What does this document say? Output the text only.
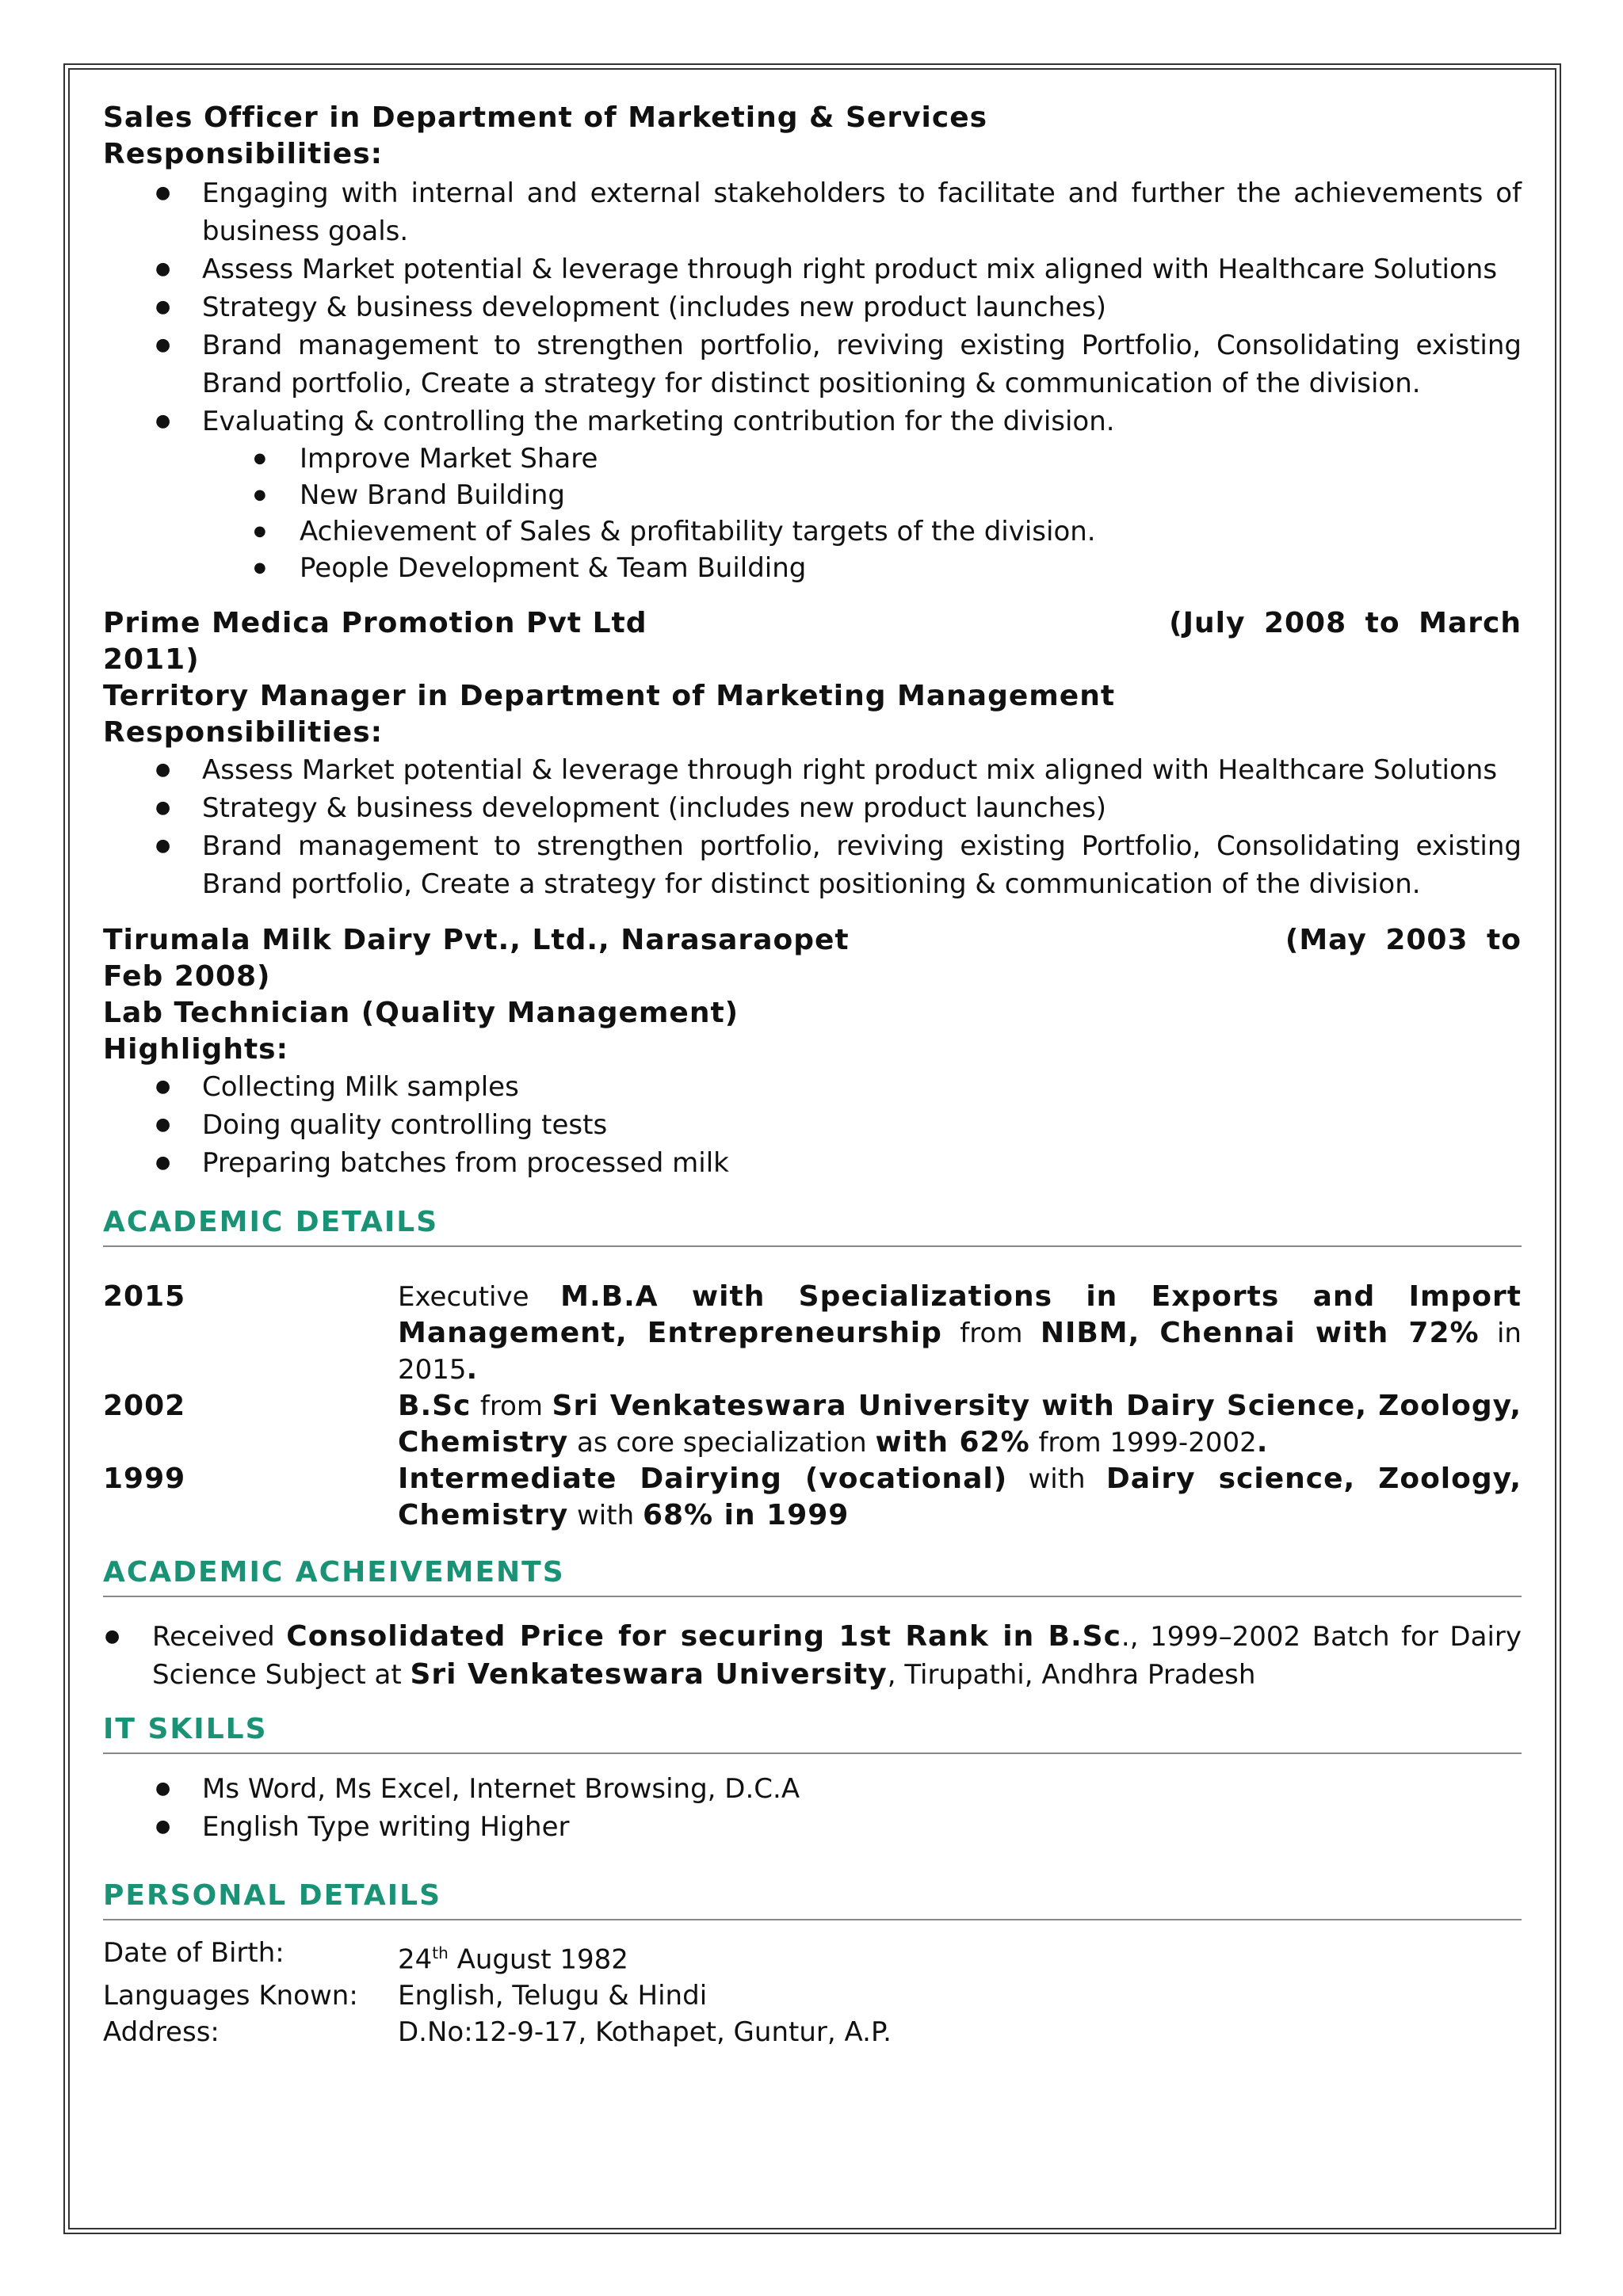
Sales Officer in Department of Marketing & Services
Responsibilities:
● Engaging with internal and external stakeholders to facilitate and further the achievements of business goals.
● Assess Market potential & leverage through right product mix aligned with Healthcare Solutions
● Strategy & business development (includes new product launches)
● Brand management to strengthen portfolio, reviving existing Portfolio, Consolidating existing Brand portfolio, Create a strategy for distinct positioning & communication of the division.
● Evaluating & controlling the marketing contribution for the division.
● Improve Market Share
● New Brand Building
● Achievement of Sales & profitability targets of the division.
● People Development & Team Building
Prime Medica Promotion Pvt Ltd	(July 2008 to March
2011)
Territory Manager in Department of Marketing Management
Responsibilities:
● Assess Market potential & leverage through right product mix aligned with Healthcare Solutions
● Strategy & business development (includes new product launches)
● Brand management to strengthen portfolio, reviving existing Portfolio, Consolidating existing Brand portfolio, Create a strategy for distinct positioning & communication of the division.
Tirumala Milk Dairy Pvt., Ltd., Narasaraopet	(May 2003 to
Feb 2008)
Lab Technician (Quality Management)
Highlights:
● Collecting Milk samples
● Doing quality controlling tests
● Preparing batches from processed milk
ACADEMIC DETAILS
2015	Executive M.B.A with Specializations in Exports and Import Management, Entrepreneurship from NIBM, Chennai with 72% in 2015.
2002	B.Sc from Sri Venkateswara University with Dairy Science, Zoology, Chemistry as core specialization with 62% from 1999-2002.
1999	Intermediate Dairying (vocational) with Dairy science, Zoology, Chemistry with 68% in 1999
ACADEMIC ACHEIVEMENTS
● Received Consolidated Price for securing 1st Rank in B.Sc., 1999–2002 Batch for Dairy Science Subject at Sri Venkateswara University, Tirupathi, Andhra Pradesh
IT SKILLS
● Ms Word, Ms Excel, Internet Browsing, D.C.A
● English Type writing Higher
PERSONAL DETAILS
Date of Birth:	24th August 1982
Languages Known:	English, Telugu & Hindi
Address:	D.No:12-9-17, Kothapet, Guntur, A.P.
